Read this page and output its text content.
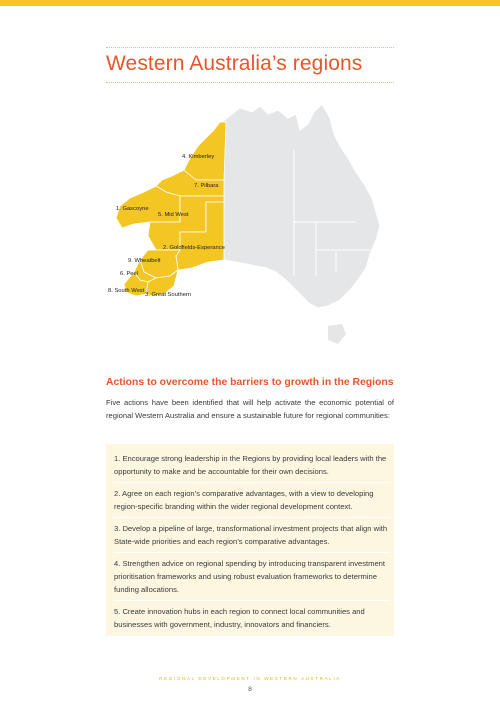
Western Australia’s regions
4. Kimberley
7. Pilbara
1. Gascoyne
5. Mid West
2. Goldfields-Esperance
9. Wheatbelt
6. Peel
8. South West
3. Great Southern
Actions to overcome the barriers to growth in the Regions
Five actions have been identified that will help activate the economic potential of regional Western Australia and ensure a sustainable future for regional communities:
1. Encourage strong leadership in the Regions by providing local leaders with the opportunity to make and be accountable for their own decisions.
2. Agree on each region’s comparative advantages, with a view to developing region-specific branding within the wider regional development context.
3. Develop a pipeline of large, transformational investment projects that align with State-wide priorities and each region’s comparative advantages.
4. Strengthen advice on regional spending by introducing transparent investment prioritisation frameworks and using robust evaluation frameworks to determine funding allocations.
5. Create innovation hubs in each region to connect local communities and businesses with government, industry, innovators and financiers.
REGIONAL DEVELOPMENT IN WESTERN AUSTRALIA
8
